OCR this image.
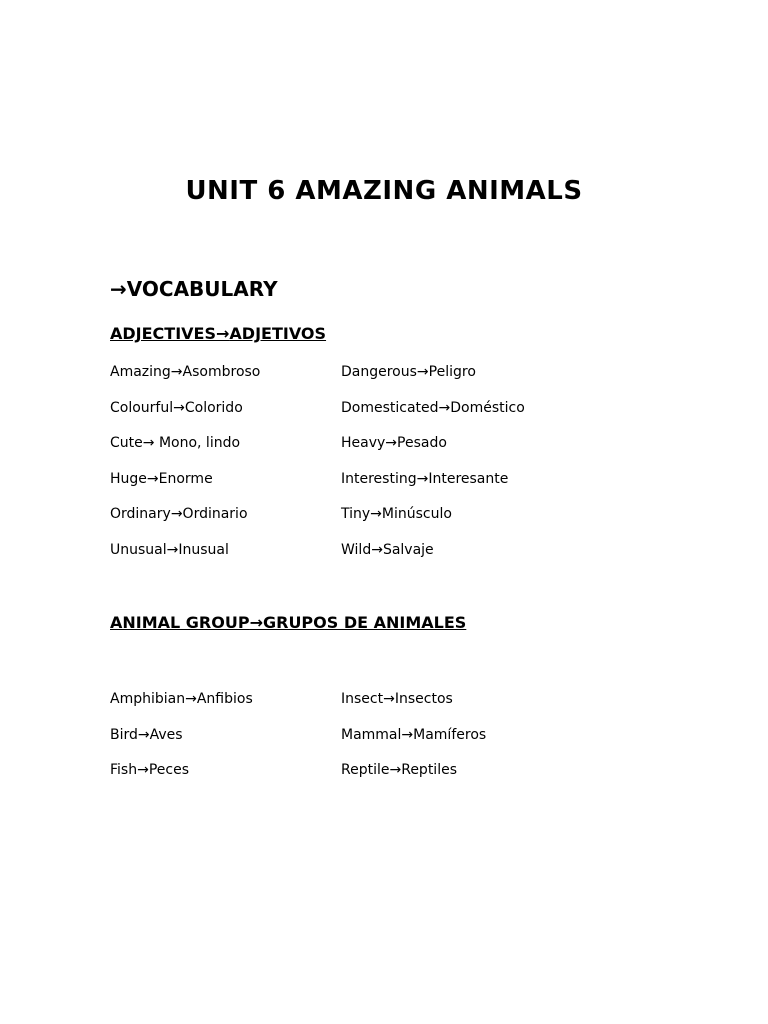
UNIT 6 AMAZING ANIMALS
→VOCABULARY
ADJECTIVES→ADJETIVOS
Amazing→Asombroso	Dangerous→Peligro
Colourful→Colorido	Domesticated→Doméstico
Cute→ Mono, lindo	Heavy→Pesado
Huge→Enorme	Interesting→Interesante
Ordinary→Ordinario	Tiny→Minúsculo
Unusual→Inusual	Wild→Salvaje
ANIMAL GROUP→GRUPOS DE ANIMALES
Amphibian→Anfibios	Insect→Insectos
Bird→Aves	Mammal→Mamíferos
Fish→Peces	Reptile→Reptiles
